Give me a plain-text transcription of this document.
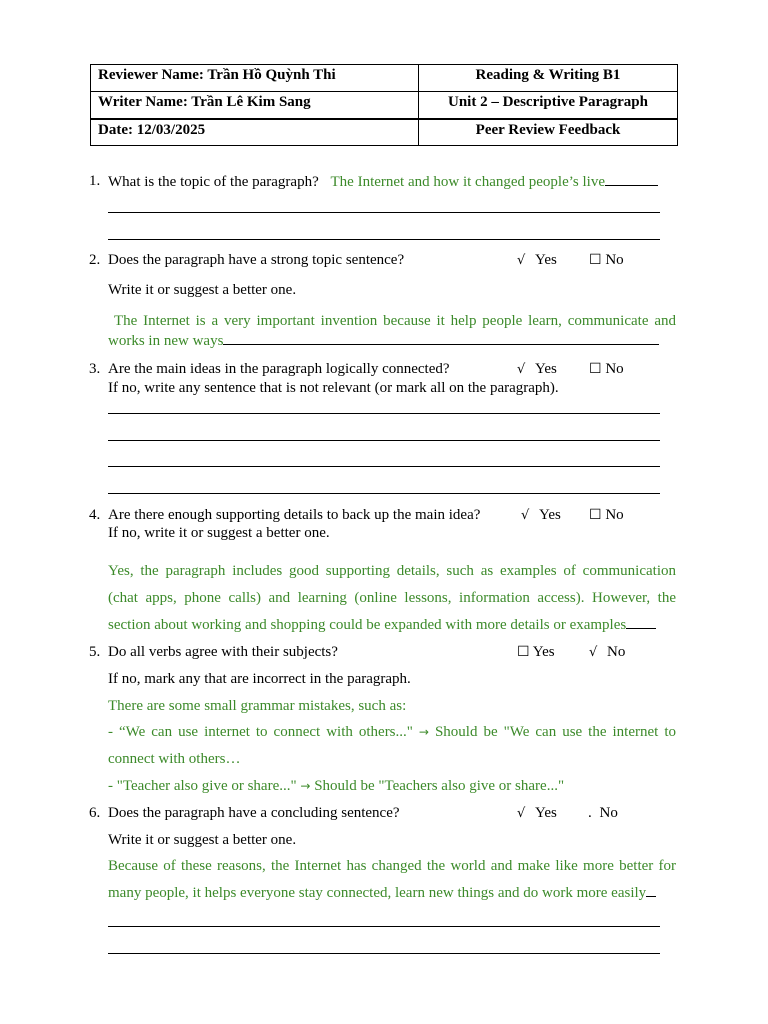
Reviewer Name: Trần Hồ Quỳnh Thi	Reading & Writing B1
Writer Name: Trần Lê Kim Sang	Unit 2 – Descriptive Paragraph
Date: 12/03/2025	Peer Review Feedback
1. What is the topic of the paragraph? The Internet and how it changed people’s live
2. Does the paragraph have a strong topic sentence?	√ Yes ☐ No
Write it or suggest a better one.
The Internet is a very important invention because it help people learn, communicate and works in new ways
3. Are the main ideas in the paragraph logically connected?	√ Yes ☐ No
If no, write any sentence that is not relevant (or mark all on the paragraph).
4. Are there enough supporting details to back up the main idea?	√ Yes ☐ No
If no, write it or suggest a better one.
Yes, the paragraph includes good supporting details, such as examples of communication (chat apps, phone calls) and learning (online lessons, information access). However, the section about working and shopping could be expanded with more details or examples
5. Do all verbs agree with their subjects?	☐ Yes	√ No
If no, mark any that are incorrect in the paragraph.
There are some small grammar mistakes, such as:
- “We can use internet to connect with others..." → Should be "We can use the internet to connect with others…
- "Teacher also give or share..." → Should be "Teachers also give or share..."
6. Does the paragraph have a concluding sentence?	√ Yes . No
Write it or suggest a better one.
Because of these reasons, the Internet has changed the world and make like more better for many people, it helps everyone stay connected, learn new things and do work more easily
